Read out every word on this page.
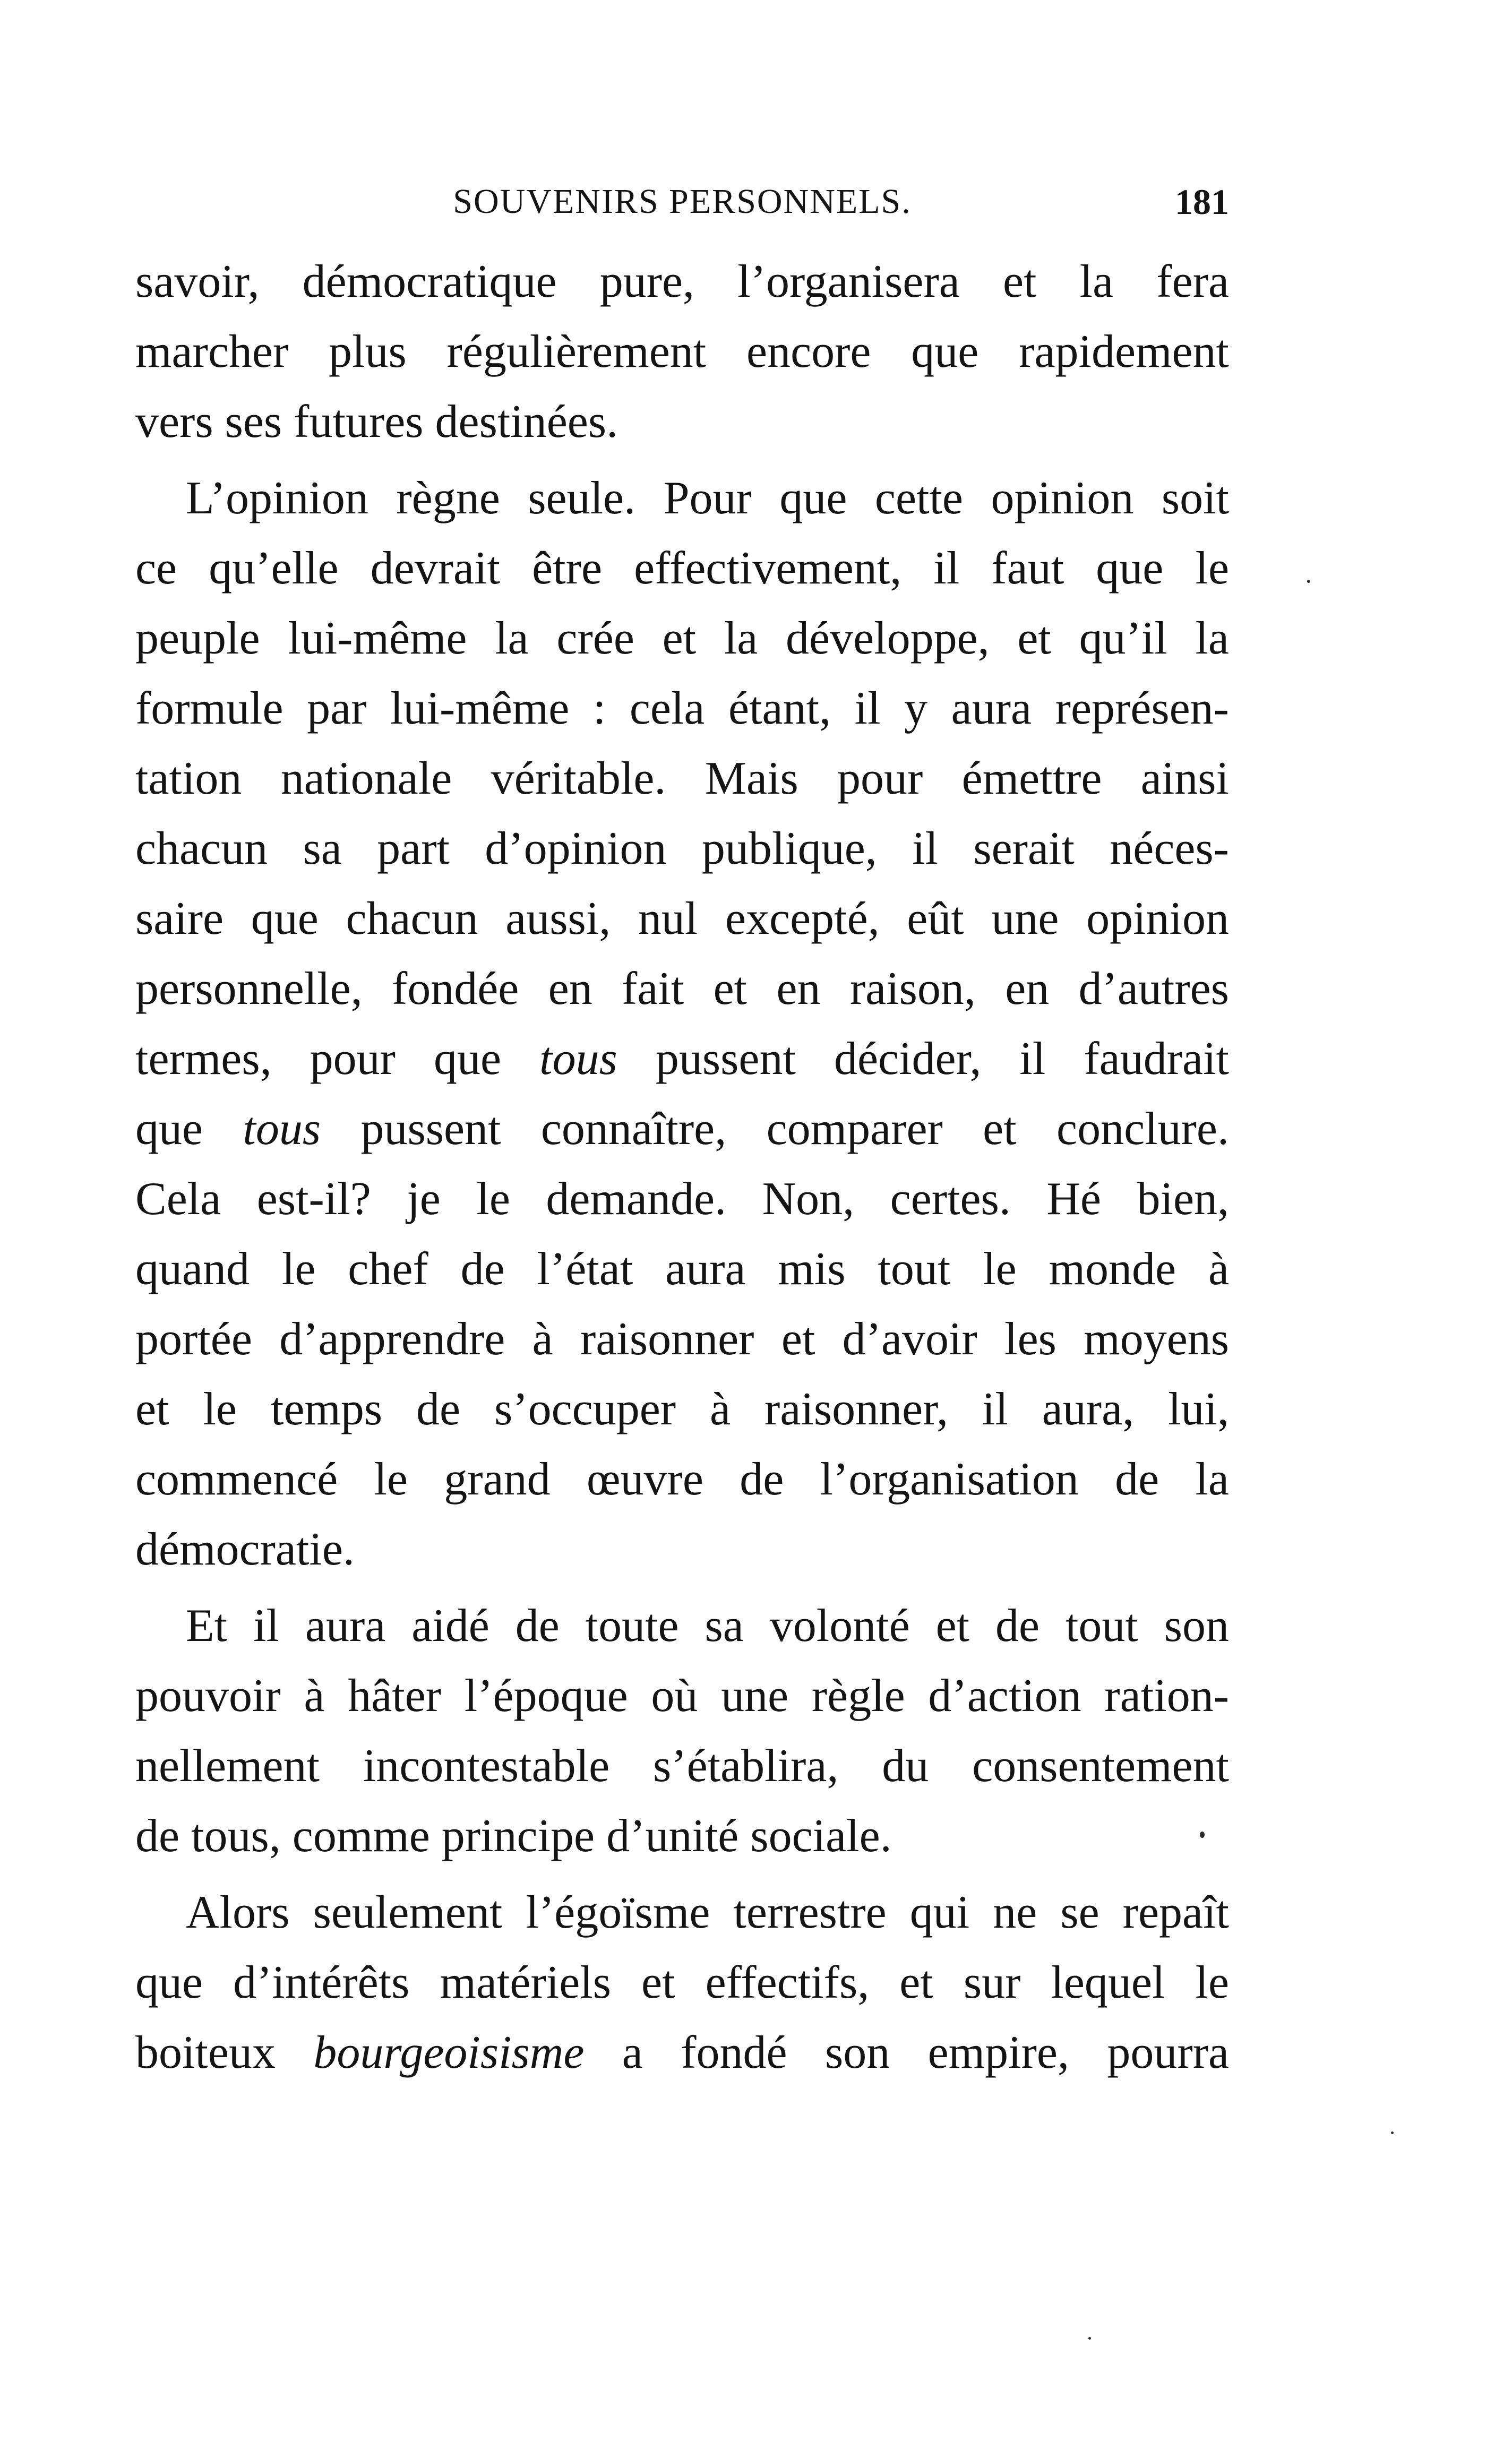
SOUVENIRS PERSONNELS.	181
savoir, démocratique pure, l’organisera et la fera
marcher plus régulièrement encore que rapidement
vers ses futures destinées.
L’opinion règne seule. Pour que cette opinion soit
ce qu’elle devrait être effectivement, il faut que le
peuple lui-même la crée et la développe, et qu’il la
formule par lui-même : cela étant, il y aura représen-
tation nationale véritable. Mais pour émettre ainsi
chacun sa part d’opinion publique, il serait néces-
saire que chacun aussi, nul excepté, eût une opinion
personnelle, fondée en fait et en raison, en d’autres
termes, pour que tous pussent décider, il faudrait
que tous pussent connaître, comparer et conclure.
Cela est-il? je le demande. Non, certes. Hé bien,
quand le chef de l’état aura mis tout le monde à
portée d’apprendre à raisonner et d’avoir les moyens
et le temps de s’occuper à raisonner, il aura, lui,
commencé le grand œuvre de l’organisation de la
démocratie.
Et il aura aidé de toute sa volonté et de tout son
pouvoir à hâter l’époque où une règle d’action ration-
nellement incontestable s’établira, du consentement
de tous, comme principe d’unité sociale.
Alors seulement l’égoïsme terrestre qui ne se repaît
que d’intérêts matériels et effectifs, et sur lequel le
boiteux bourgeoisisme a fondé son empire, pourra
